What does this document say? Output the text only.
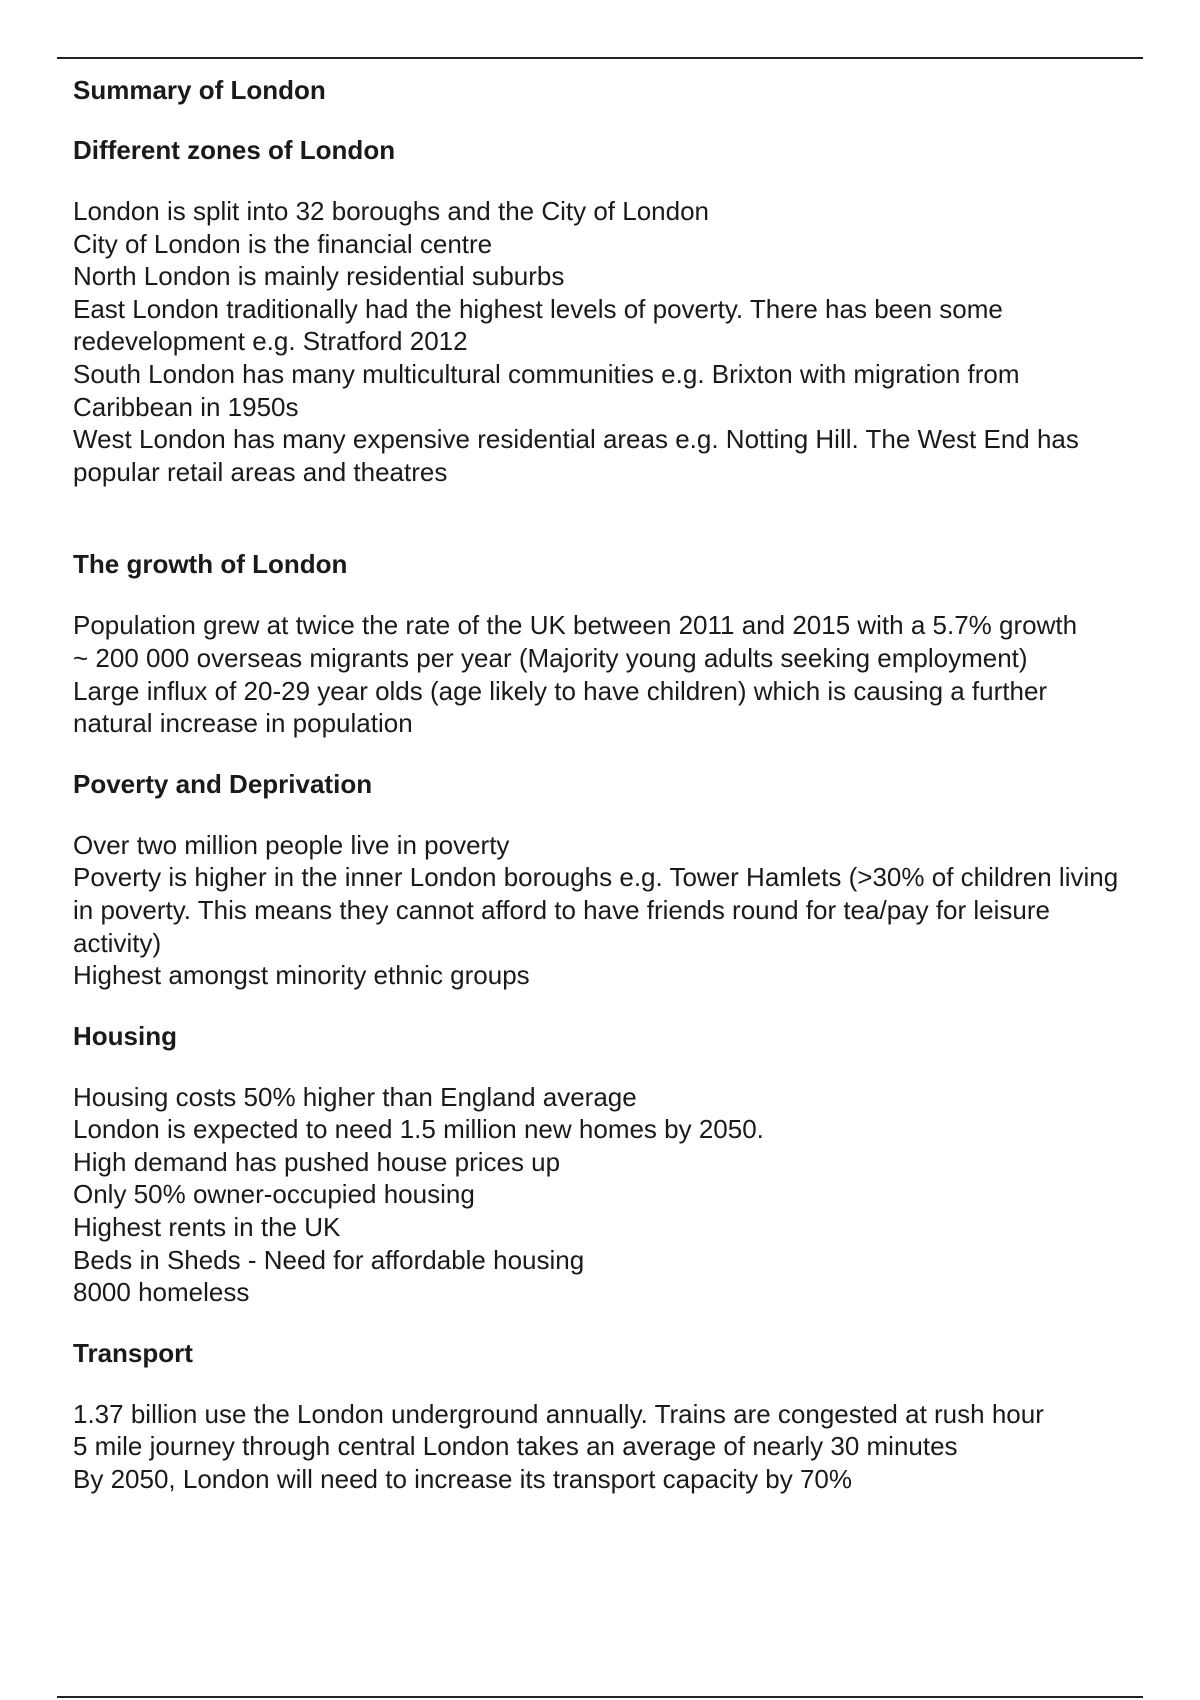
Summary of London
Different zones of London
London is split into 32 boroughs and the City of London
City of London is the financial centre
North London is mainly residential suburbs
East London traditionally had the highest levels of poverty. There has been some redevelopment e.g. Stratford 2012
South London has many multicultural communities e.g. Brixton with migration from Caribbean in 1950s
West London has many expensive residential areas e.g. Notting Hill. The West End has popular retail areas and theatres
The growth of London
Population grew at twice the rate of the UK between 2011 and 2015 with a 5.7% growth
~ 200 000 overseas migrants per year (Majority young adults seeking employment)
Large influx of 20-29 year olds (age likely to have children) which is causing a further natural increase in population
Poverty and Deprivation
Over two million people live in poverty
Poverty is higher in the inner London boroughs e.g. Tower Hamlets (>30% of children living in poverty. This means they cannot afford to have friends round for tea/pay for leisure activity)
Highest amongst minority ethnic groups
Housing
Housing costs 50% higher than England average
London is expected to need 1.5 million new homes by 2050.
High demand has pushed house prices up
Only 50% owner-occupied housing
Highest rents in the UK
Beds in Sheds - Need for affordable housing
8000 homeless
Transport
1.37 billion use the London underground annually. Trains are congested at rush hour
5 mile journey through central London takes an average of nearly 30 minutes
By 2050, London will need to increase its transport capacity by 70%
